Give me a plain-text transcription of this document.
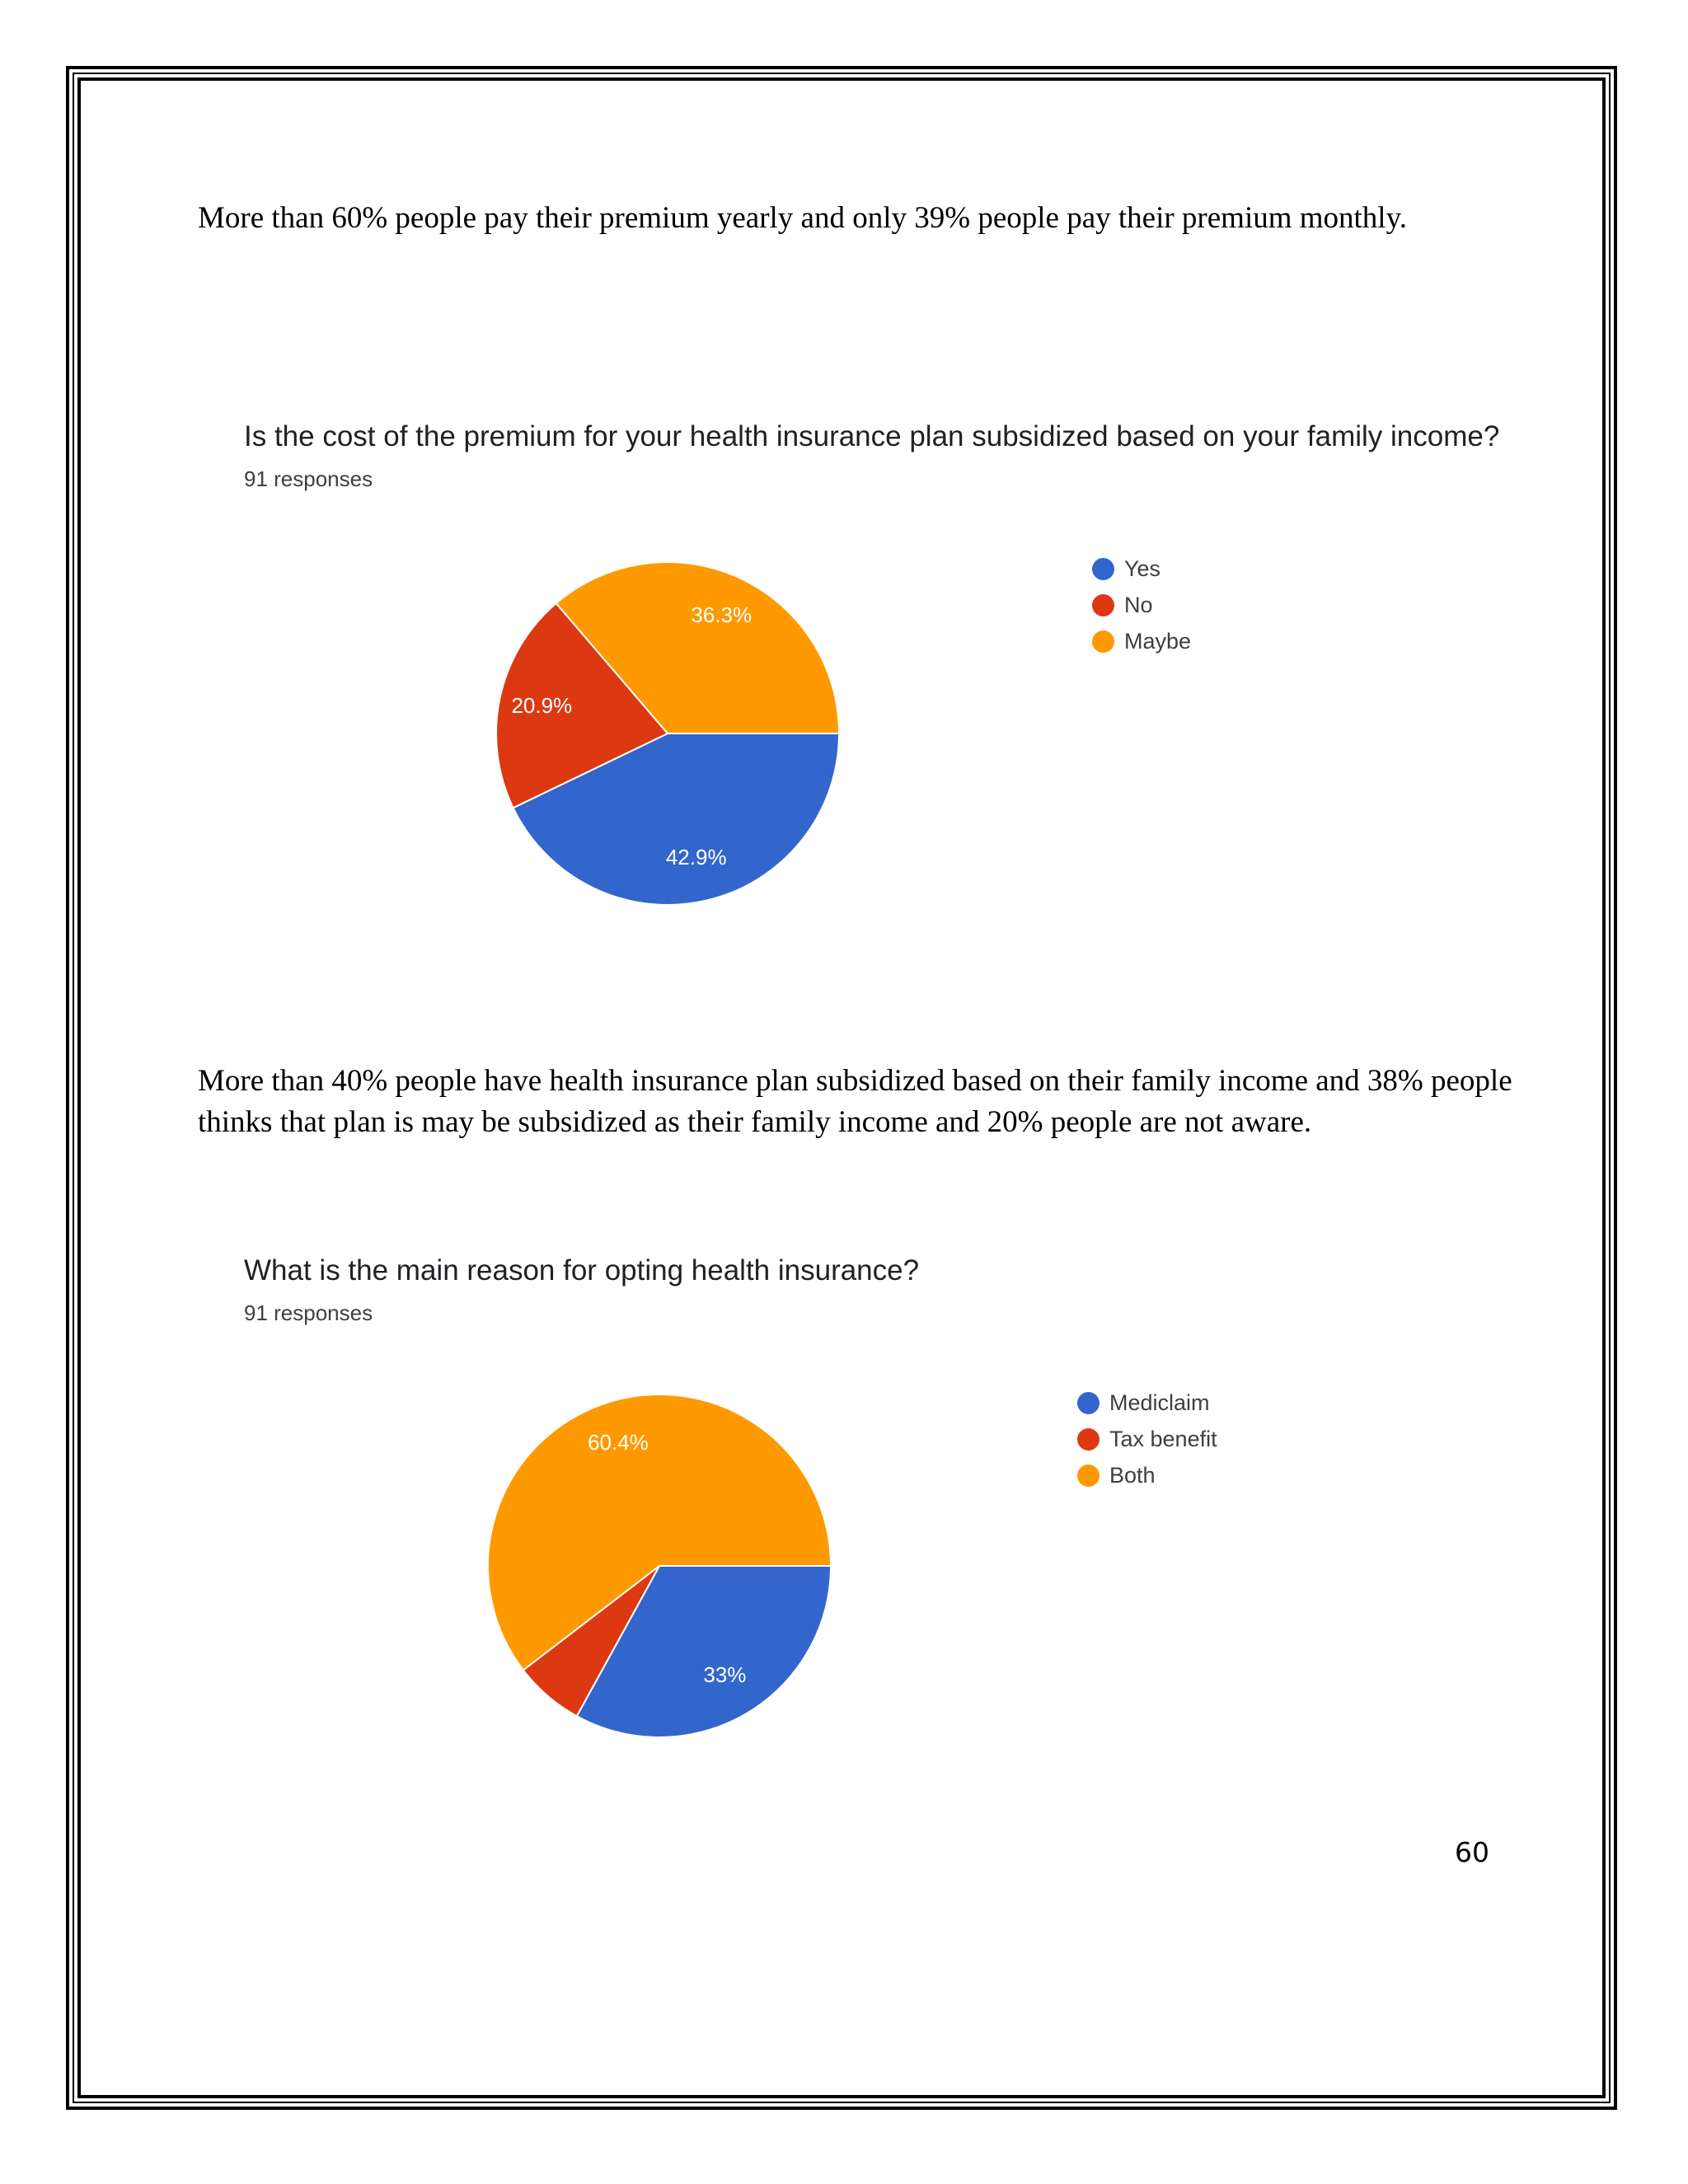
More than 60% people pay their premium yearly and only 39% people pay their premium monthly.

Is the cost of the premium for your health insurance plan subsidized based on your family income?
91 responses
42.9%
20.9%
36.3%
Yes
No
Maybe

More than 40% people have health insurance plan subsidized based on their family income and 38% people thinks that plan is may be subsidized as their family income and 20% people are not aware.

What is the main reason for opting health insurance?
91 responses
33%
60.4%
Mediclaim
Tax benefit
Both
60
